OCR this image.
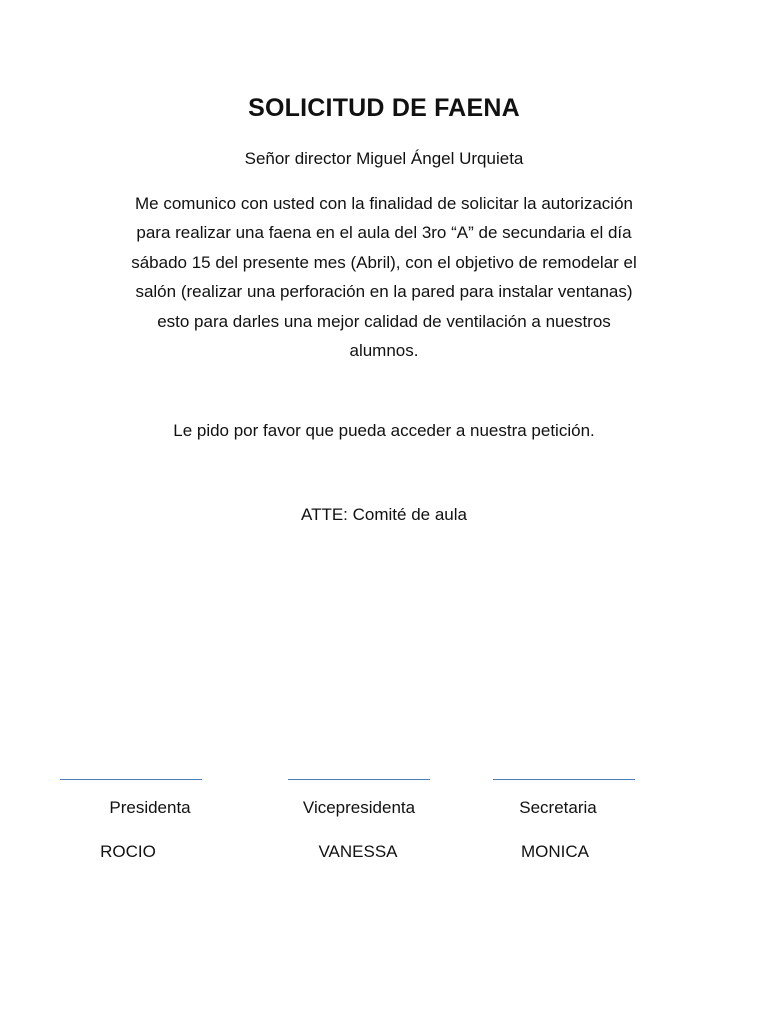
SOLICITUD DE FAENA

Señor director Miguel Ángel Urquieta

Me comunico con usted con la finalidad de solicitar la autorización
para realizar una faena en el aula del 3ro “A” de secundaria el día
sábado 15 del presente mes (Abril), con el objetivo de remodelar el
salón (realizar una perforación en la pared para instalar ventanas)
esto para darles una mejor calidad de ventilación a nuestros
alumnos.

Le pido por favor que pueda acceder a nuestra petición.

ATTE: Comité de aula

Presidenta
ROCIO
Vicepresidenta
VANESSA
Secretaria
MONICA
